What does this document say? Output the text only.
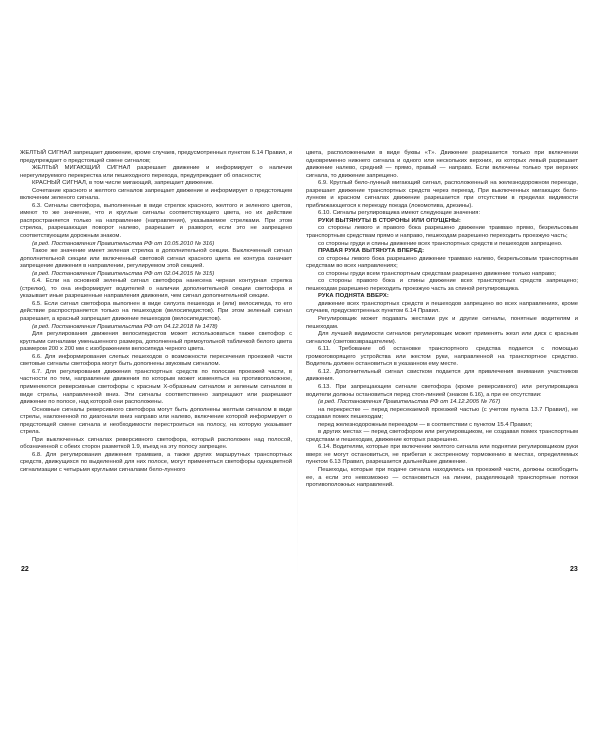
ЖЕЛТЫЙ СИГНАЛ запрещает движение, кроме случаев, предусмотренных пунктом 6.14 Правил, и предупреждает о предстоящей смене сигналов;

ЖЕЛТЫЙ МИГАЮЩИЙ СИГНАЛ разрешает движение и информирует о наличии нерегулируемого перекрестка или пешеходного перехода, предупреждает об опасности;

КРАСНЫЙ СИГНАЛ, в том числе мигающий, запрещает движение.

Сочетание красного и желтого сигналов запрещает движение и информирует о предстоящем включении зеленого сигнала.

6.3. Сигналы светофора, выполненные в виде стрелок красного, желтого и зеленого цветов, имеют то же значение, что и круглые сигналы соответствующего цвета, но их действие распространяется только на направление (направления), указываемое стрелками. При этом стрелка, разрешающая поворот налево, разрешает и разворот, если это не запрещено соответствующим дорожным знаком.

(в ред. Постановления Правительства РФ от 10.05.2010 № 316)

Такое же значение имеет зеленая стрелка в дополнительной секции. Выключенный сигнал дополнительной секции или включенный световой сигнал красного цвета ее контура означает запрещение движения в направлении, регулируемом этой секцией.

(в ред. Постановления Правительства РФ от 02.04.2015 № 315)

6.4. Если на основной зеленый сигнал светофора нанесена черная контурная стрелка (стрелки), то она информирует водителей о наличии дополнительной секции светофора и указывает иные разрешенные направления движения, чем сигнал дополнительной секции.

6.5. Если сигнал светофора выполнен в виде силуэта пешехода и (или) велосипеда, то его действие распространяется только на пешеходов (велосипедистов). При этом зеленый сигнал разрешает, а красный запрещает движение пешеходов (велосипедистов).

(в ред. Постановления Правительства РФ от 04.12.2018 № 1478)

Для регулирования движения велосипедистов может использоваться также светофор с круглыми сигналами уменьшенного размера, дополненный прямоугольной табличкой белого цвета размером 200 х 200 мм с изображением велосипеда черного цвета.

6.6. Для информирования слепых пешеходов о возможности пересечения проезжей части световые сигналы светофора могут быть дополнены звуковым сигналом.

6.7. Для регулирования движения транспортных средств по полосам проезжей части, в частности по тем, направление движения по которым может изменяться на противоположное, применяются реверсивные светофоры с красным Х-образным сигналом и зеленым сигналом в виде стрелы, направленной вниз. Эти сигналы соответственно запрещают или разрешают движение по полосе, над которой они расположены.

Основные сигналы реверсивного светофора могут быть дополнены желтым сигналом в виде стрелы, наклоненной по диагонали вниз направо или налево, включение которой информирует о предстоящей смене сигнала и необходимости перестроиться на полосу, на которую указывает стрела.

При выключенных сигналах реверсивного светофора, который расположен над полосой, обозначенной с обеих сторон разметкой 1.9, въезд на эту полосу запрещен.

6.8. Для регулирования движения трамваев, а также других маршрутных транспортных средств, движущихся по выделенной для них полосе, могут применяться светофоры одноцветной сигнализации с четырьмя круглыми сигналами бело-лунного

22

цвета, расположенными в виде буквы «Т». Движение разрешается только при включении одновременно нижнего сигнала и одного или нескольких верхних, из которых левый разрешает движение налево, средний — прямо, правый — направо. Если включены только три верхних сигнала, то движение запрещено.

6.9. Круглый бело-лунный мигающий сигнал, расположенный на железнодорожном переезде, разрешает движение транспортных средств через переезд. При выключенных мигающих бело-лунном и красном сигналах движение разрешается при отсутствии в пределах видимости приближающегося к переезду поезда (локомотива, дрезины).

6.10. Сигналы регулировщика имеют следующие значения:

РУКИ ВЫТЯНУТЫ В СТОРОНЫ ИЛИ ОПУЩЕНЫ:

со стороны левого и правого бока разрешено движение трамваю прямо, безрельсовым транспортным средствам прямо и направо, пешеходам разрешено переходить проезжую часть;

со стороны груди и спины движение всех транспортных средств и пешеходов запрещено.

ПРАВАЯ РУКА ВЫТЯНУТА ВПЕРЕД:

со стороны левого бока разрешено движение трамваю налево, безрельсовым транспортным средствам во всех направлениях;

со стороны груди всем транспортным средствам разрешено движение только направо;

со стороны правого бока и спины движение всех транспортных средств запрещено; пешеходам разрешено переходить проезжую часть за спиной регулировщика.

РУКА ПОДНЯТА ВВЕРХ:

движение всех транспортных средств и пешеходов запрещено во всех направлениях, кроме случаев, предусмотренных пунктом 6.14 Правил.

Регулировщик может подавать жестами рук и другие сигналы, понятные водителям и пешеходам.

Для лучшей видимости сигналов регулировщик может применять жезл или диск с красным сигналом (световозвращателем).

6.11. Требование об остановке транспортного средства подается с помощью громкоговорящего устройства или жестом руки, направленной на транспортное средство. Водитель должен остановиться в указанном ему месте.

6.12. Дополнительный сигнал свистком подается для привлечения внимания участников движения.

6.13. При запрещающем сигнале светофора (кроме реверсивного) или регулировщика водители должны остановиться перед стоп-линией (знаком 6.16), а при ее отсутствии:

(в ред. Постановления Правительства РФ от 14.12.2005 № 767)

на перекрестке — перед пересекаемой проезжей частью (с учетом пункта 13.7 Правил), не создавая помех пешеходам;

перед железнодорожным переездом — в соответствии с пунктом 15.4 Правил;

в других местах — перед светофором или регулировщиком, не создавая помех транспортным средствам и пешеходам, движение которых разрешено.

6.14. Водителям, которые при включении желтого сигнала или поднятии регулировщиком руки вверх не могут остановиться, не прибегая к экстренному торможению в местах, определяемых пунктом 6.13 Правил, разрешается дальнейшее движение.

Пешеходы, которые при подаче сигнала находились на проезжей части, должны освободить ее, а если это невозможно — остановиться на линии, разделяющей транспортные потоки противоположных направлений.

23
